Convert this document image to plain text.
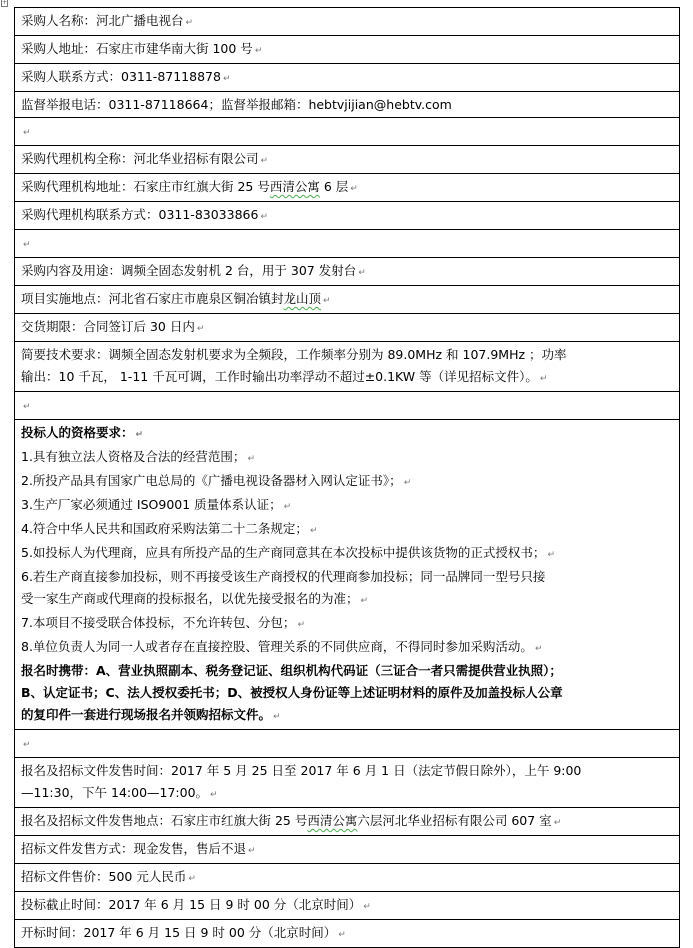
+
采购人名称：河北广播电视台 ↵
采购人地址：石家庄市建华南大街 100 号 ↵
采购人联系方式：0311-87118878 ↵
监督举报电话：0311-87118664；监督举报邮箱：hebtvjijian@hebtv.com
↵
采购代理机构全称：河北华业招标有限公司 ↵
采购代理机构地址：石家庄市红旗大街 25 号西清公寓 6 层 ↵
采购代理机构联系方式：0311-83033866 ↵
↵
采购内容及用途：调频全固态发射机 2 台，用于 307 发射台 ↵
项目实施地点：河北省石家庄市鹿泉区铜冶镇封龙山顶 ↵
交货期限：合同签订后 30 日内 ↵

简要技术要求：调频全固态发射机要求为全频段，工作频率分别为 89.0MHz 和 107.9MHz ；功率
输出：10 千瓦， 1-11 千瓦可调，工作时输出功率浮动不超过±0.1KW 等（详见招标文件）。 ↵
↵

投标人的资格要求： ↵
1.具有独立法人资格及合法的经营范围； ↵
2.所投产品具有国家广电总局的《广播电视设备器材入网认定证书》； ↵
3.生产厂家必须通过 ISO9001 质量体系认证； ↵
4.符合中华人民共和国政府采购法第二十二条规定； ↵
5.如投标人为代理商，应具有所投产品的生产商同意其在本次投标中提供该货物的正式授权书； ↵
6.若生产商直接参加投标，则不再接受该生产商授权的代理商参加投标；同一品牌同一型号只接
受一家生产商或代理商的投标报名，以优先接受报名的为准； ↵
7.本项目不接受联合体投标，不允许转包、分包； ↵
8.单位负责人为同一人或者存在直接控股、管理关系的不同供应商，不得同时参加采购活动。 ↵
报名时携带：A、营业执照副本、税务登记证、组织机构代码证（三证合一者只需提供营业执照）；
B、认定证书；C、法人授权委托书；D、被授权人身份证等上述证明材料的原件及加盖投标人公章
的复印件一套进行现场报名并领购招标文件。 ↵
↵

报名及招标文件发售时间：2017 年 5 月 25 日至 2017 年 6 月 1 日（法定节假日除外），上午 9:00
—11:30，下午 14:00—17:00。 ↵
报名及招标文件发售地点：石家庄市红旗大街 25 号西清公寓六层河北华业招标有限公司 607 室 ↵
招标文件发售方式：现金发售，售后不退 ↵
招标文件售价：500 元人民币 ↵
投标截止时间：2017 年 6 月 15 日 9 时 00 分（北京时间） ↵
开标时间：2017 年 6 月 15 日 9 时 00 分（北京时间） ↵
